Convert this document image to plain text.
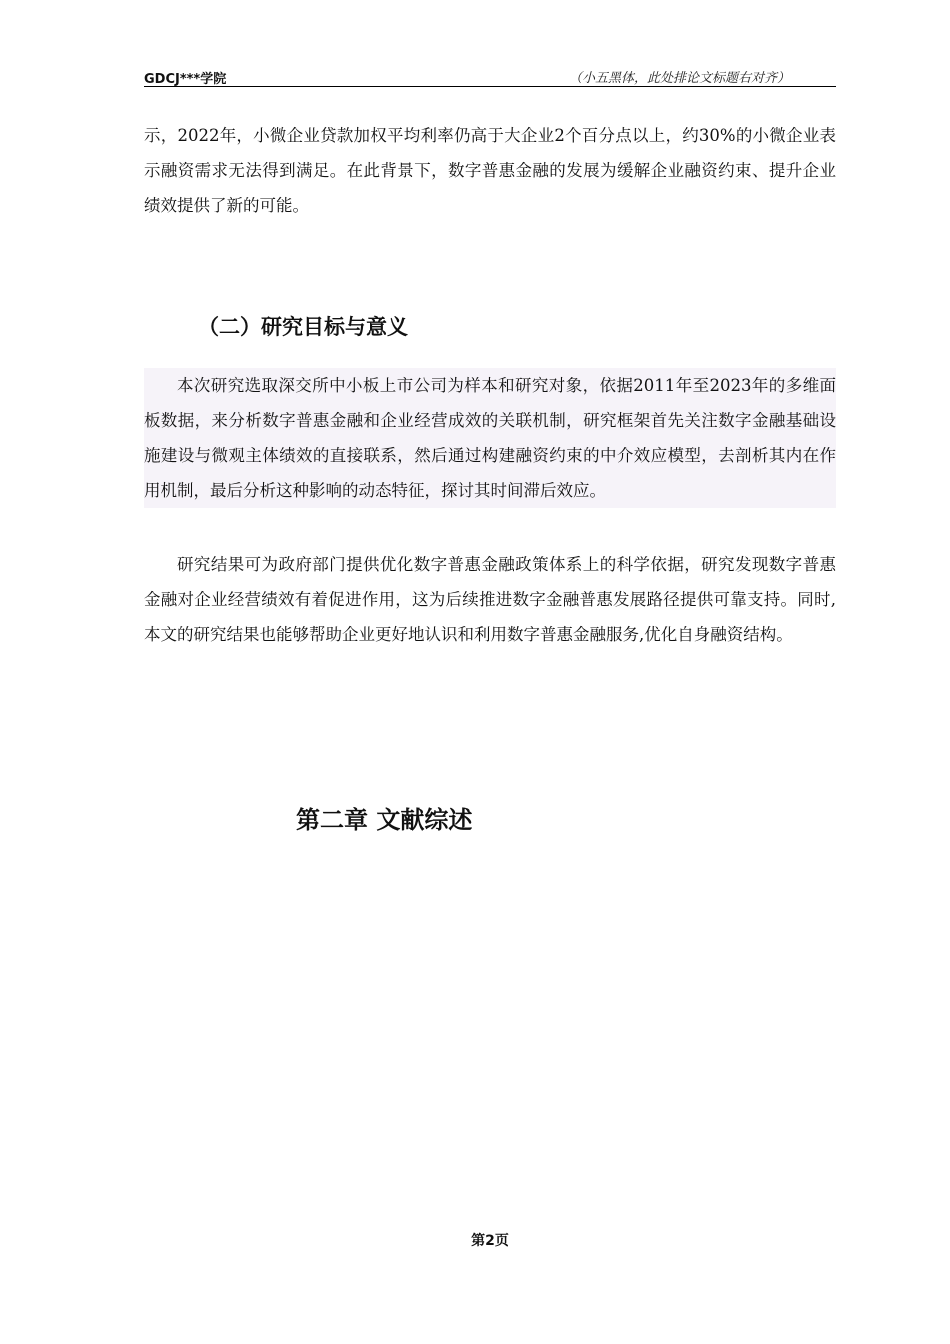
GDCJ***学院	（小五黑体，此处排论文标题右对齐）

示，2022年，小微企业贷款加权平均利率仍高于大企业2个百分点以上，约30%的小微企业表示融资需求无法得到满足。在此背景下，数字普惠金融的发展为缓解企业融资约束、提升企业绩效提供了新的可能。

（二）研究目标与意义

本次研究选取深交所中小板上市公司为样本和研究对象，依据2011年至2023年的多维面板数据，来分析数字普惠金融和企业经营成效的关联机制，研究框架首先关注数字金融基础设施建设与微观主体绩效的直接联系，然后通过构建融资约束的中介效应模型，去剖析其内在作用机制，最后分析这种影响的动态特征，探讨其时间滞后效应。

研究结果可为政府部门提供优化数字普惠金融政策体系上的科学依据，研究发现数字普惠金融对企业经营绩效有着促进作用，这为后续推进数字金融普惠发展路径提供可靠支持。同时,本文的研究结果也能够帮助企业更好地认识和利用数字普惠金融服务,优化自身融资结构。

第二章 文献综述
第2页
